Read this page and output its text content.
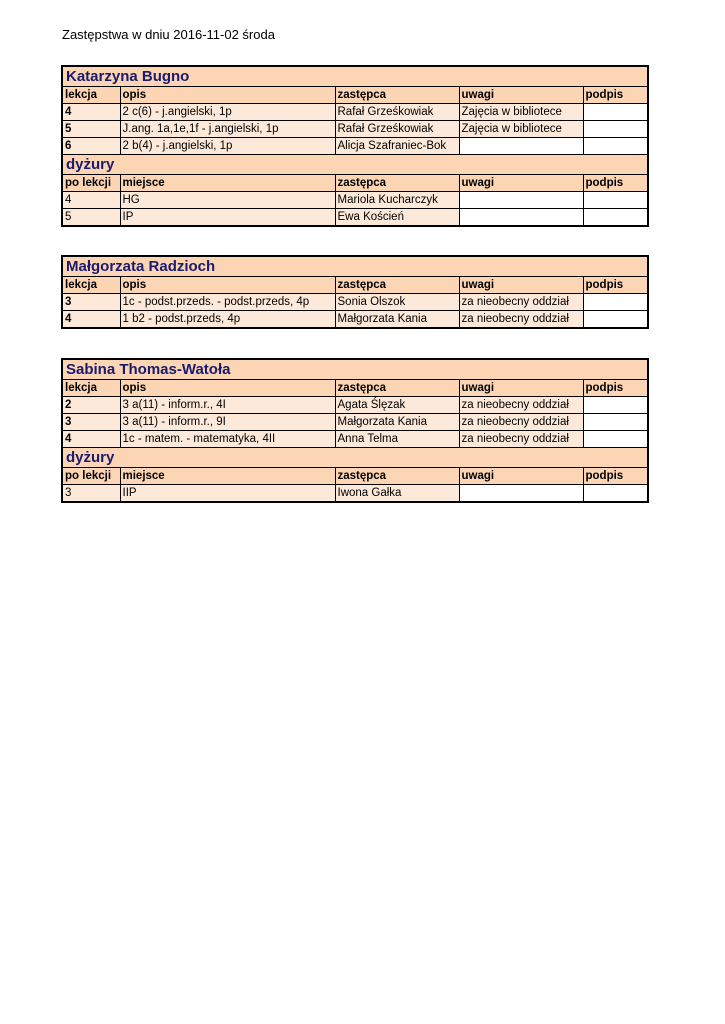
Zastępstwa w dniu 2016-11-02 środa
Katarzyna Bugno
lekcja	opis	zastępca	uwagi	podpis
4	2 c(6) - j.angielski, 1p	Rafał Grześkowiak	Zajęcia w bibliotece	
5	J.ang. 1a,1e,1f - j.angielski, 1p	Rafał Grześkowiak	Zajęcia w bibliotece	
6	2 b(4) - j.angielski, 1p	Alicja Szafraniec-Bok		
dyżury
po lekcji	miejsce	zastępca	uwagi	podpis
4	HG	Mariola Kucharczyk		
5	IP	Ewa Koścień		
Małgorzata Radzioch
lekcja	opis	zastępca	uwagi	podpis
3	1c - podst.przeds. - podst.przeds, 4p	Sonia Olszok	za nieobecny oddział	
4	1 b2 - podst.przeds, 4p	Małgorzata Kania	za nieobecny oddział	
Sabina Thomas-Watoła
lekcja	opis	zastępca	uwagi	podpis
2	3 a(11) - inform.r., 4I	Agata Ślęzak	za nieobecny oddział	
3	3 a(11) - inform.r., 9I	Małgorzata Kania	za nieobecny oddział	
4	1c - matem. - matematyka, 4II	Anna Telma	za nieobecny oddział	
dyżury
po lekcji	miejsce	zastępca	uwagi	podpis
3	IIP	Iwona Gałka		
